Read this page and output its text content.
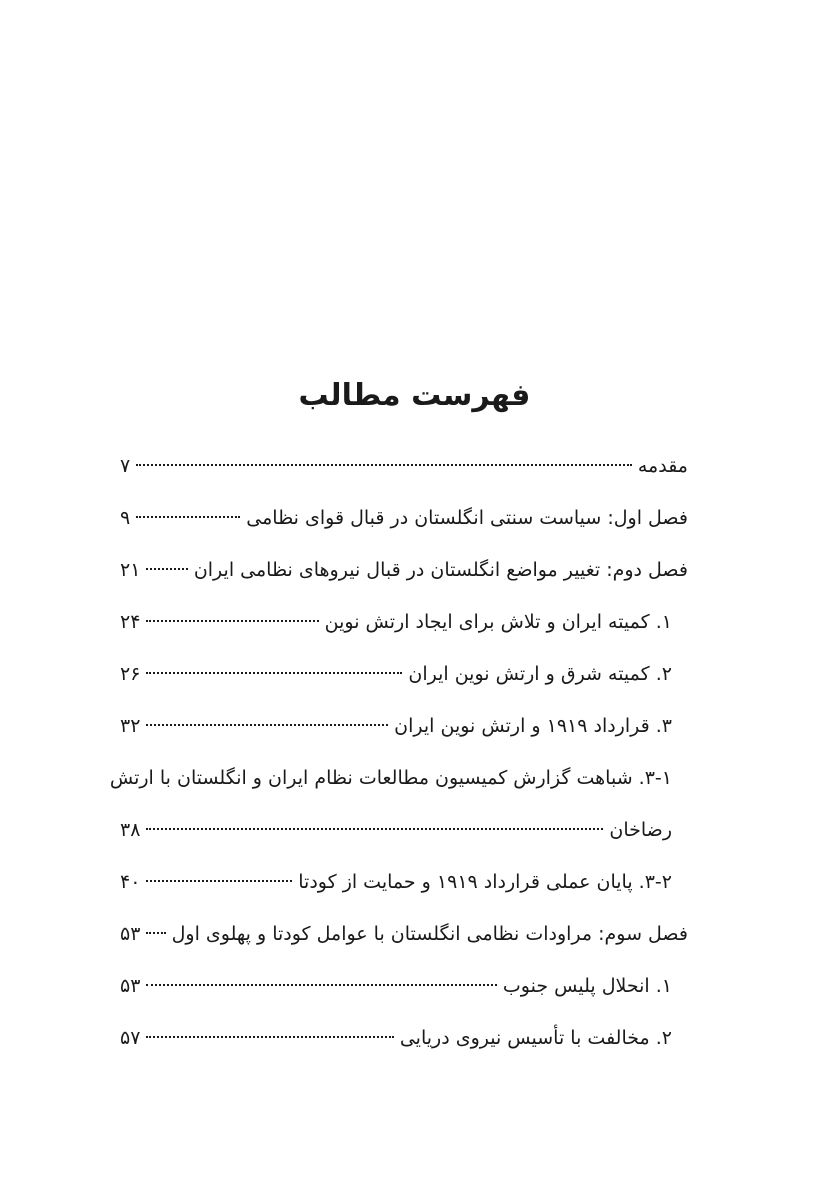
فهرست مطالب
مقدمه
۷
فصل اول: سیاست سنتی انگلستان در قبال قوای نظامی
۹
فصل دوم: تغییر مواضع انگلستان در قبال نیروهای نظامی ایران
۲۱
۱. کمیته ایران و تلاش برای ایجاد ارتش نوین
۲۴
۲. کمیته شرق و ارتش نوین ایران
۲۶
۳. قرارداد ۱۹۱۹ و ارتش نوین ایران
۳۲
۳-۱. شباهت گزارش کمیسیون مطالعات نظام ایران و انگلستان با ارتش
رضاخان
۳۸
۳-۲. پایان عملی قرارداد ۱۹۱۹ و حمایت از کودتا
۴۰
فصل سوم: مراودات نظامی انگلستان با عوامل کودتا و پهلوی اول
۵۳
۱. انحلال پلیس جنوب
۵۳
۲. مخالفت با تأسیس نیروی دریایی
۵۷
